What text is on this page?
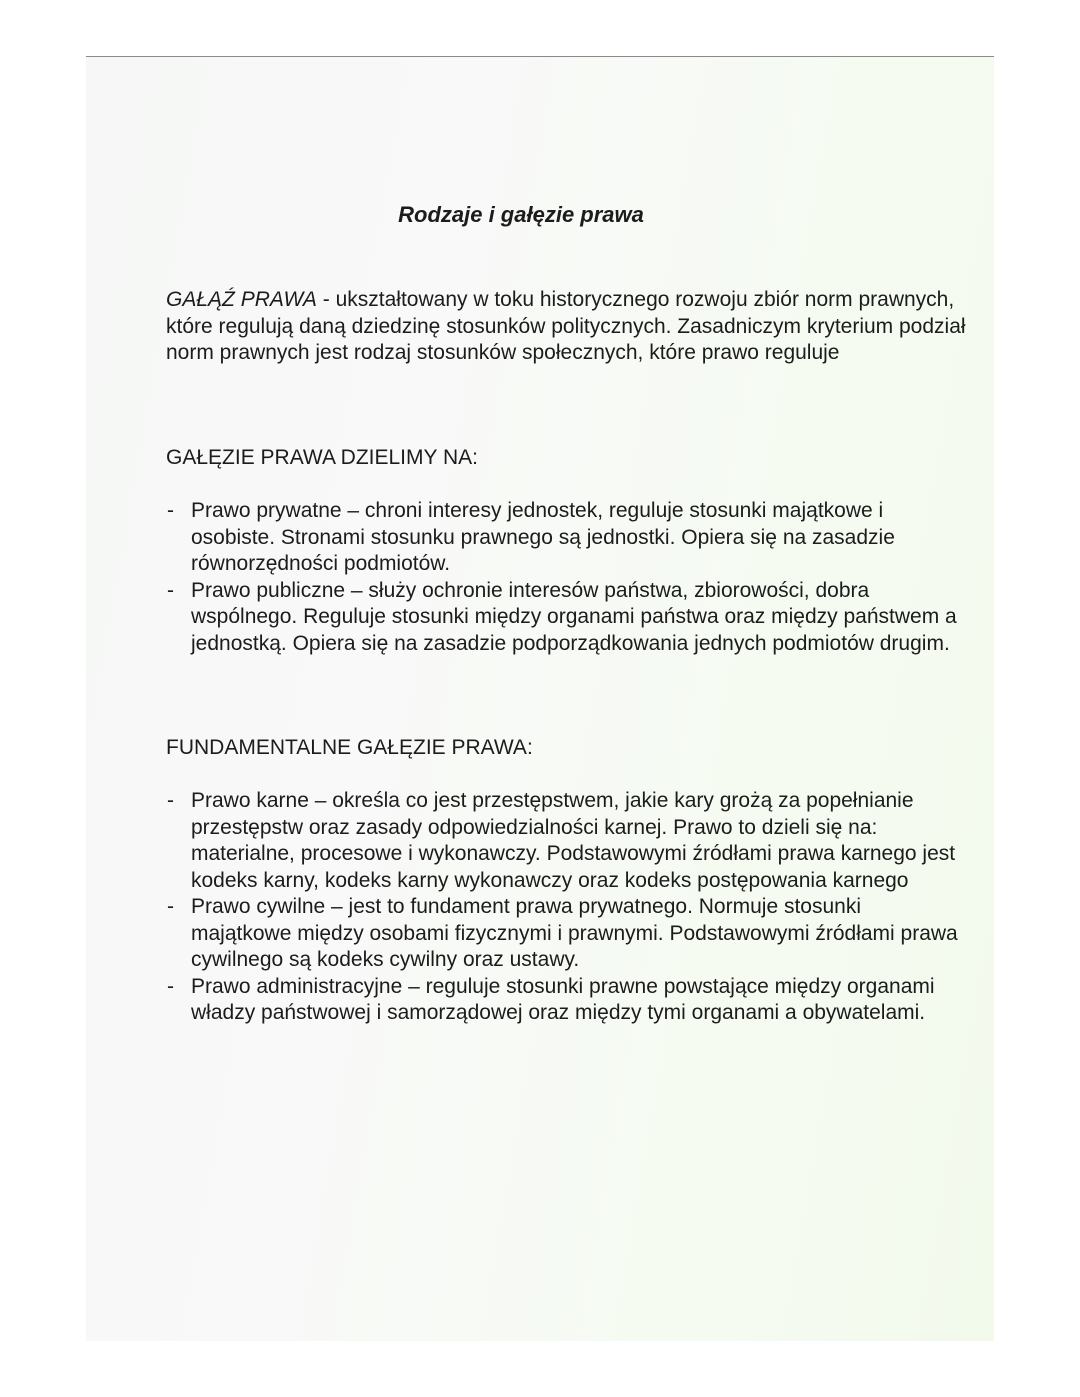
Rodzaje i gałęzie prawa

GAŁĄŹ PRAWA - ukształtowany w toku historycznego rozwoju zbiór norm prawnych, które regulują daną dziedzinę stosunków politycznych. Zasadniczym kryterium podział norm prawnych jest rodzaj stosunków społecznych, które prawo reguluje

GAŁĘZIE PRAWA DZIELIMY NA:

- Prawo prywatne – chroni interesy jednostek, reguluje stosunki majątkowe i osobiste. Stronami stosunku prawnego są jednostki. Opiera się na zasadzie równorzędności podmiotów.
- Prawo publiczne – służy ochronie interesów państwa, zbiorowości, dobra wspólnego. Reguluje stosunki między organami państwa oraz między państwem a jednostką. Opiera się na zasadzie podporządkowania jednych podmiotów drugim.

FUNDAMENTALNE GAŁĘZIE PRAWA:

- Prawo karne – określa co jest przestępstwem, jakie kary grożą za popełnianie przestępstw oraz zasady odpowiedzialności karnej. Prawo to dzieli się na: materialne, procesowe i wykonawczy. Podstawowymi źródłami prawa karnego jest kodeks karny, kodeks karny wykonawczy oraz kodeks postępowania karnego
- Prawo cywilne – jest to fundament prawa prywatnego. Normuje stosunki majątkowe między osobami fizycznymi i prawnymi. Podstawowymi źródłami prawa cywilnego są kodeks cywilny oraz ustawy.
- Prawo administracyjne – reguluje stosunki prawne powstające między organami władzy państwowej i samorządowej oraz między tymi organami a obywatelami.
